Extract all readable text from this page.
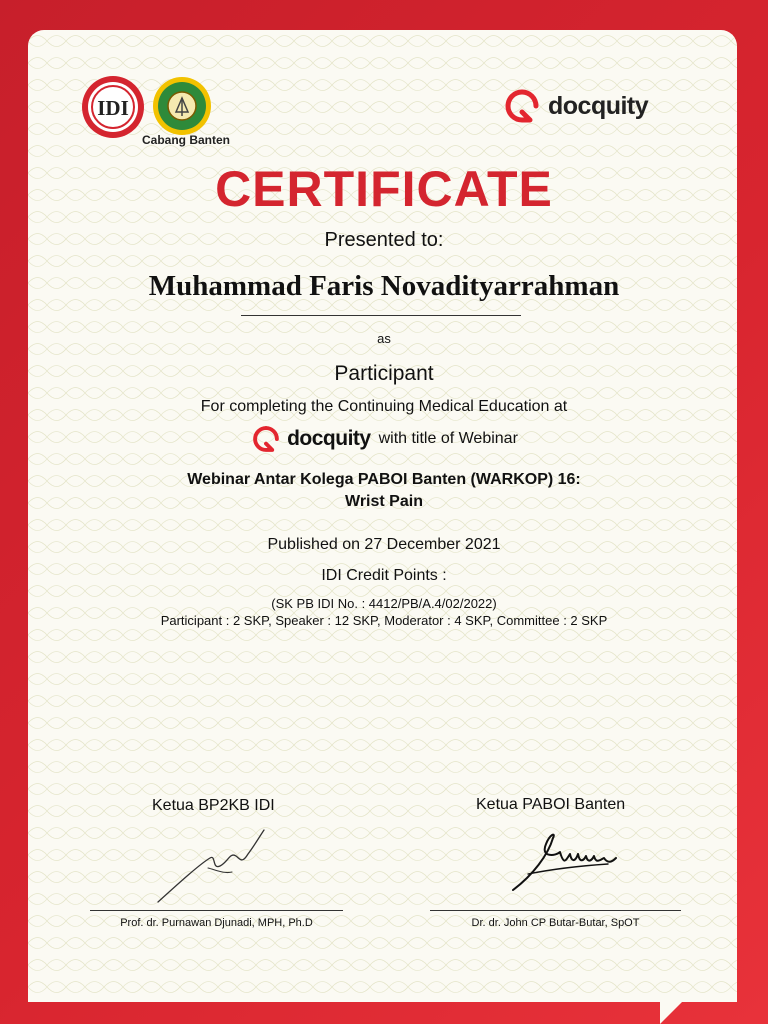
IDI
Cabang Banten
docquity
CERTIFICATE
Presented to:
Muhammad Faris Novadityarrahman
as
Participant
For completing the Continuing Medical Education at
docquity with title of Webinar
Webinar Antar Kolega PABOI Banten (WARKOP) 16:
Wrist Pain
Published on 27 December 2021
IDI Credit Points :
(SK PB IDI No. : 4412/PB/A.4/02/2022)
Participant : 2 SKP, Speaker : 12 SKP, Moderator : 4 SKP, Committee : 2 SKP
Ketua BP2KB IDI	Ketua PABOI Banten
Prof. dr. Purnawan Djunadi, MPH, Ph.D	Dr. dr. John CP Butar-Butar, SpOT
